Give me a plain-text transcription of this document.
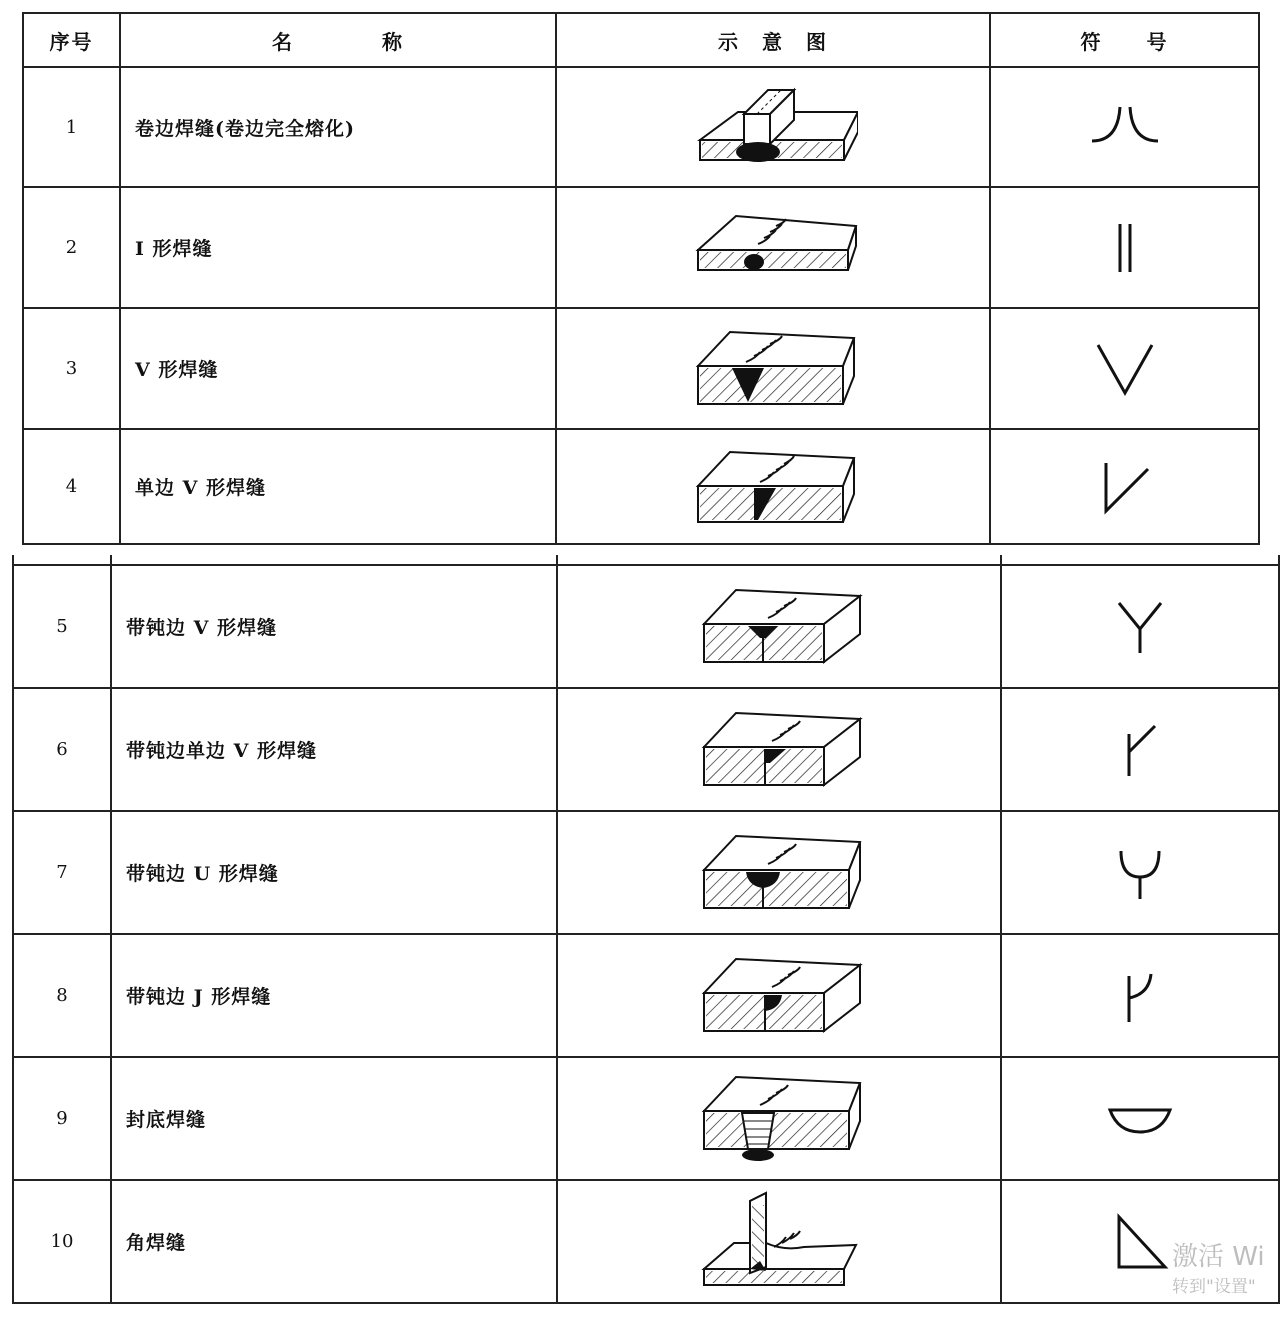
序号	名　　　　称	示　意　图	符　　号
1	卷边焊缝(卷边完全熔化)	

2	I 形焊缝	

3	V 形焊缝	

4	单边 V 形焊缝	

5	带钝边 V 形焊缝	

6	带钝边单边 V 形焊缝	

7	带钝边 U 形焊缝	

8	带钝边 J 形焊缝	

9	封底焊缝	

10	角焊缝	
		激活 Wi
转到"设置"
